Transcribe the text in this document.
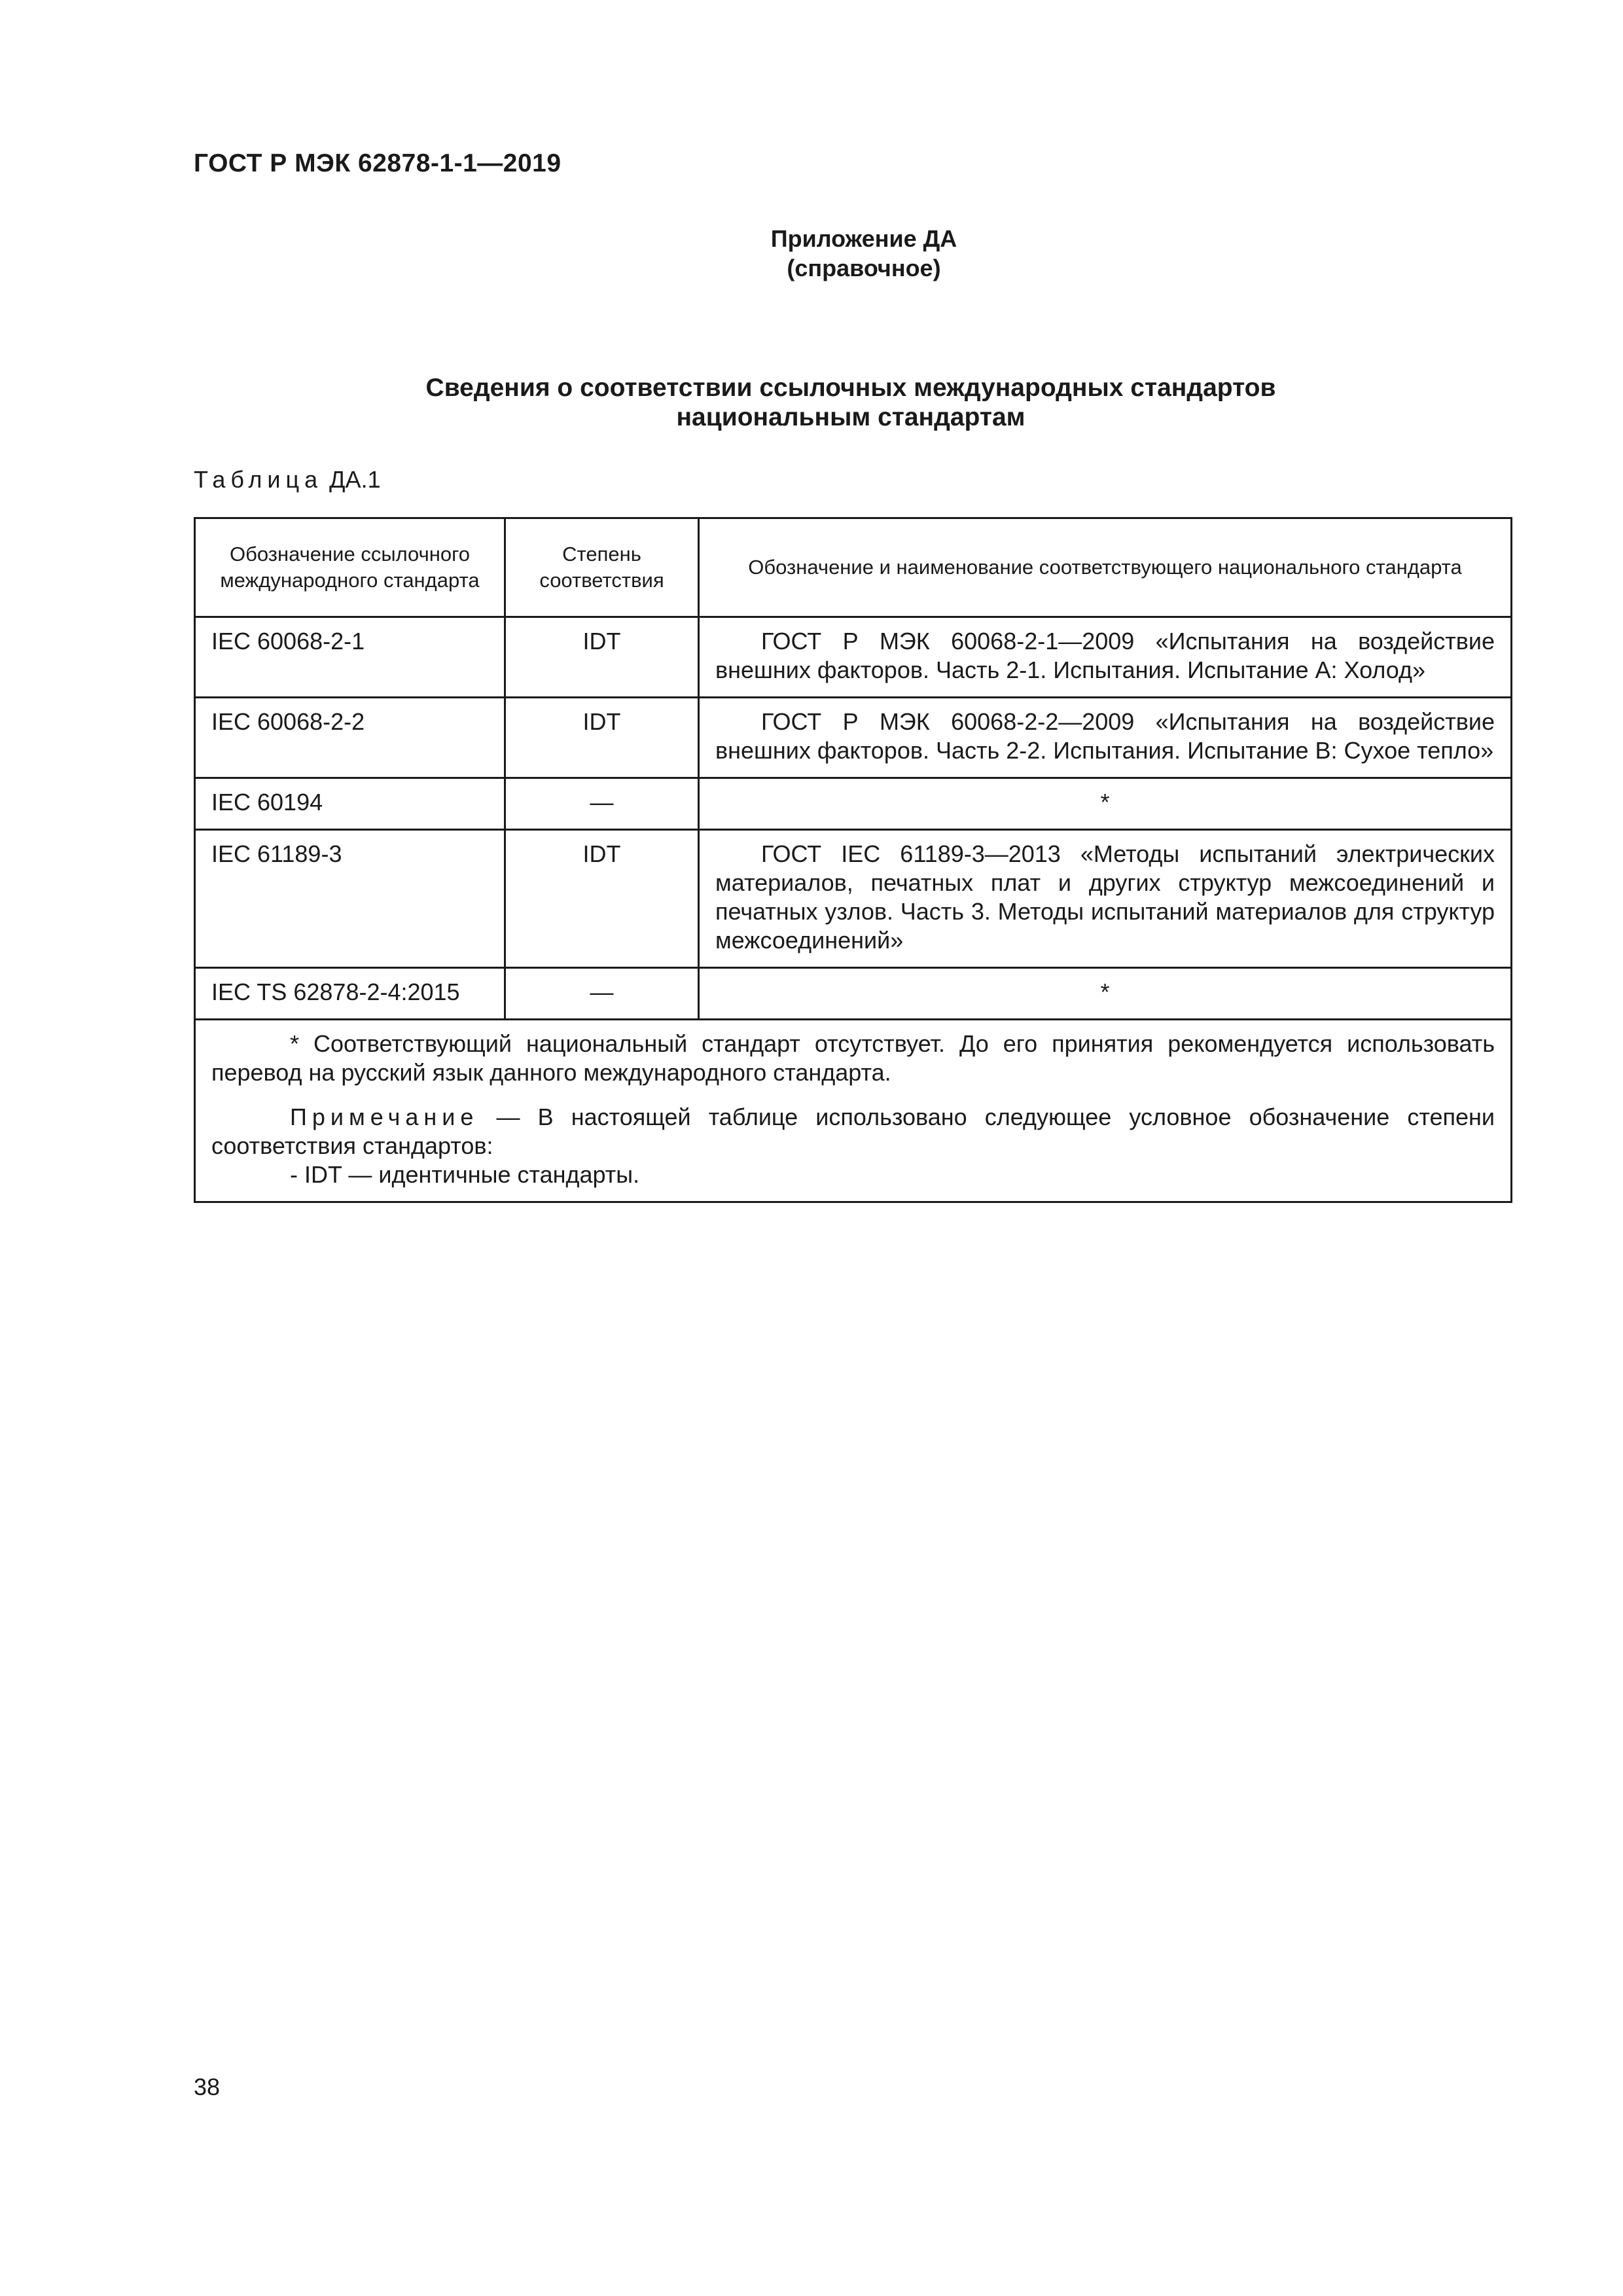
ГОСТ Р МЭК 62878-1-1—2019
Приложение ДА
(справочное)
Сведения о соответствии ссылочных международных стандартов
национальным стандартам
Таблица ДА.1
Обозначение ссылочного международного стандарта	Степень соответствия	Обозначение и наименование соответствующего национального стандарта
IEC 60068-2-1	IDT	ГОСТ Р МЭК 60068-2-1—2009 «Испытания на воздействие внешних факторов. Часть 2-1. Испытания. Испытание А: Холод»
IEC 60068-2-2	IDT	ГОСТ Р МЭК 60068-2-2—2009 «Испытания на воздействие внешних факторов. Часть 2-2. Испытания. Испытание В: Сухое тепло»
IEC 60194	—	*
IEC 61189-3	IDT	ГОСТ IEC 61189-3—2013 «Методы испытаний электрических материалов, печатных плат и других структур межсоединений и печатных узлов. Часть 3. Методы испытаний материалов для структур межсоединений»
IEC TS 62878-2-4:2015	—	*

* Соответствующий национальный стандарт отсутствует. До его принятия рекомендуется использовать перевод на русский язык данного международного стандарта.

Примечание — В настоящей таблице использовано следующее условное обозначение степени соответствия стандартов:

- IDT — идентичные стандарты.		

38
